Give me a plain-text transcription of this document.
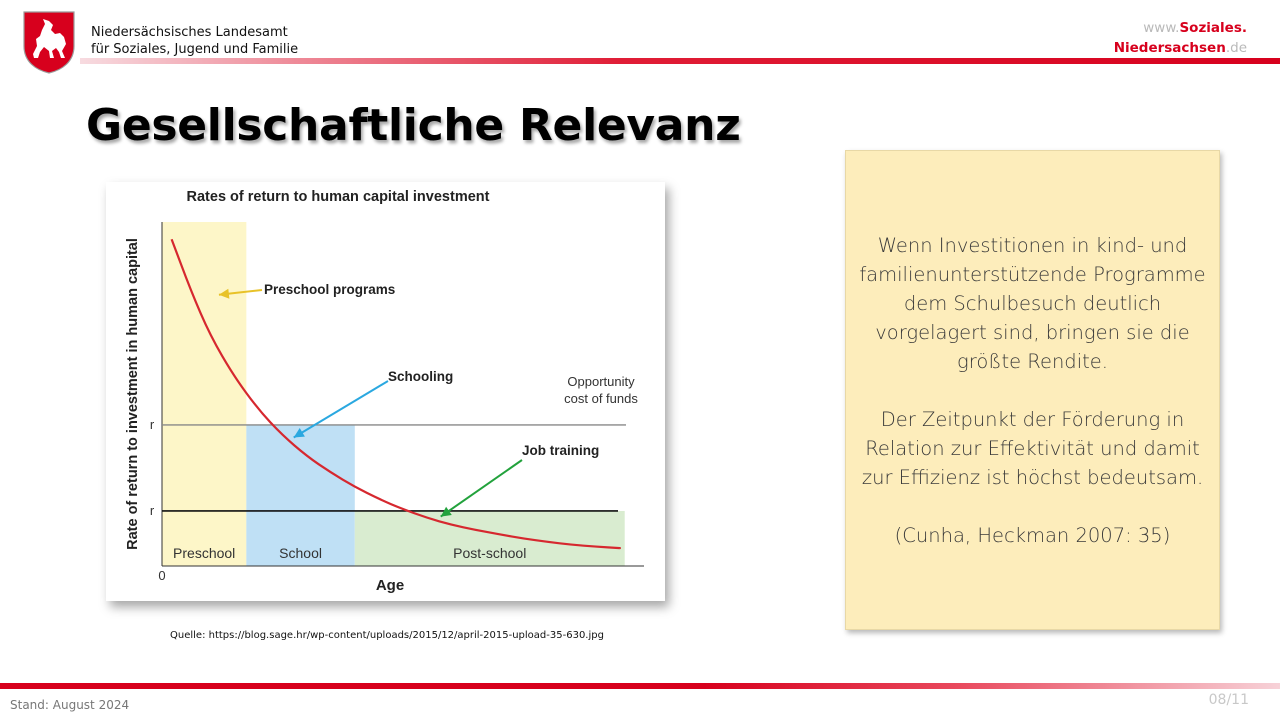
Niedersächsisches Landesamt
für Soziales, Jugend und Familie
www.Soziales.
Niedersachsen.de
Gesellschaftliche Relevanz
Rates of return to human capital investment
Rate of return to investment in human capital
Age
0
r
r
Preschool	School	Post-school
Preschool programs
Schooling
Job training
Opportunity
cost of funds
Quelle: https://blog.sage.hr/wp-content/uploads/2015/12/april-2015-upload-35-630.jpg

Wenn Investitionen in kind- und familienunterstützende Programme dem Schulbesuch deutlich vorgelagert sind, bringen sie die größte Rendite.

Der Zeitpunkt der Förderung in Relation zur Effektivität und damit zur Effizienz ist höchst bedeutsam.

(Cunha, Heckman 2007: 35)

Stand: August 2024	08/11
